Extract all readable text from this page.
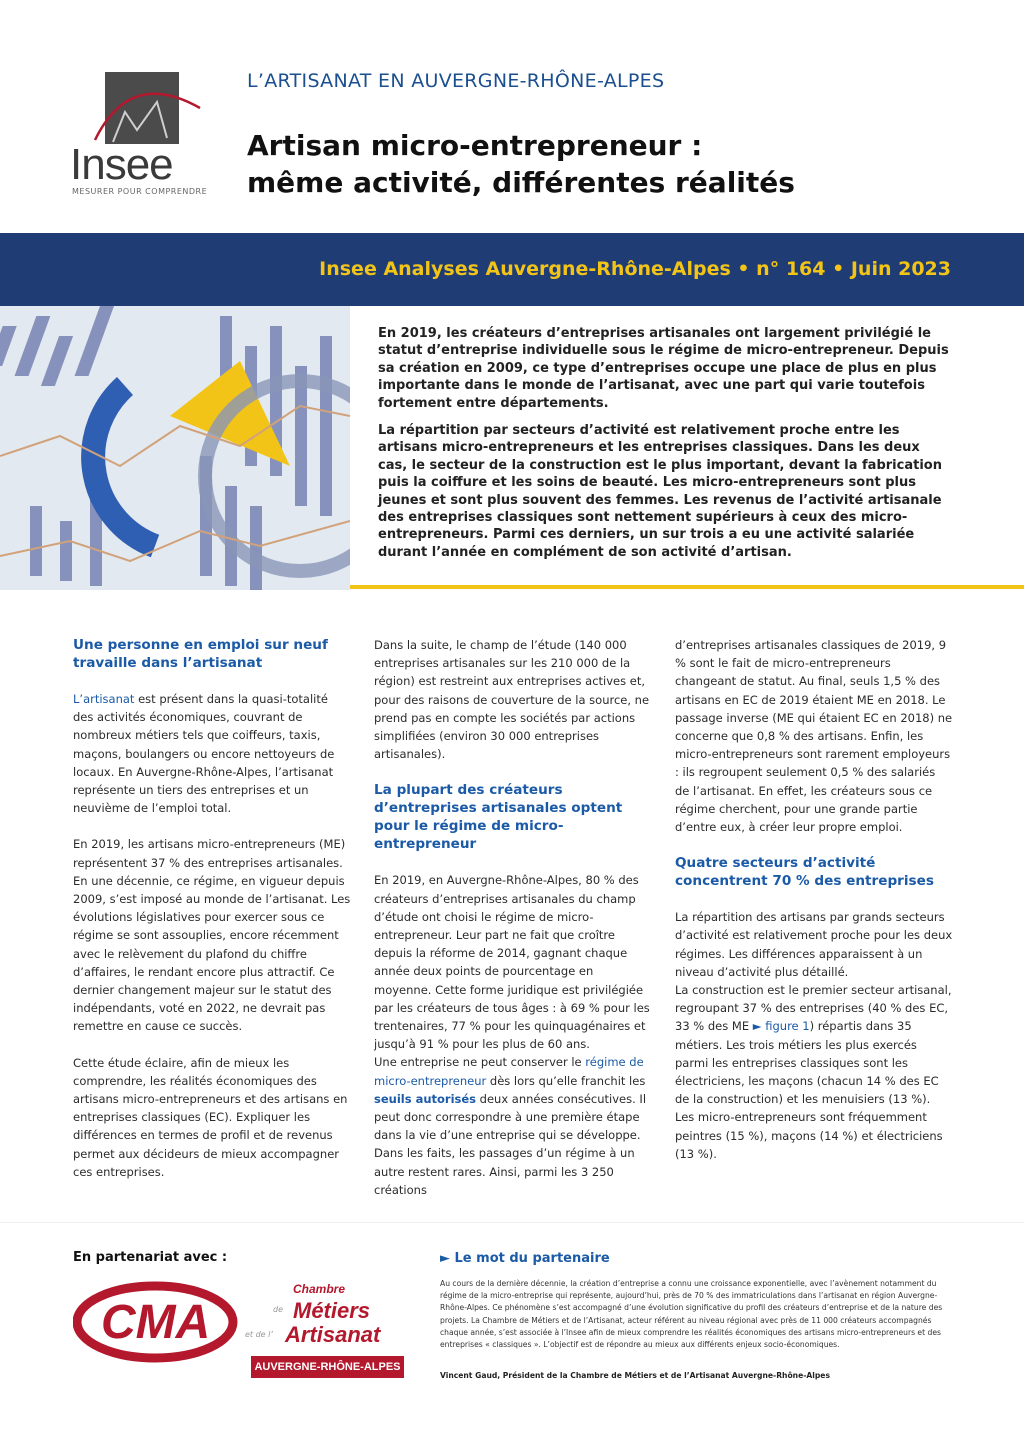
Insee
MESURER POUR COMPRENDRE
L’ARTISANAT EN AUVERGNE-RHÔNE-ALPES
Artisan micro-entrepreneur :
même activité, différentes réalités
Insee Analyses Auvergne-Rhône-Alpes • n° 164 • Juin 2023

En 2019, les créateurs d’entreprises artisanales ont largement privilégié le statut d’entreprise individuelle sous le régime de micro-entrepreneur. Depuis sa création en 2009, ce type d’entreprises occupe une place de plus en plus importante dans le monde de l’artisanat, avec une part qui varie toutefois fortement entre départements.

La répartition par secteurs d’activité est relativement proche entre les artisans micro-entrepreneurs et les entreprises classiques. Dans les deux cas, le secteur de la construction est le plus important, devant la fabrication puis la coiffure et les soins de beauté. Les micro-entrepreneurs sont plus jeunes et sont plus souvent des femmes. Les revenus de l’activité artisanale des entreprises classiques sont nettement supérieurs à ceux des micro-entrepreneurs. Parmi ces derniers, un sur trois a eu une activité salariée durant l’année en complément de son activité d’artisan.

Une personne en emploi sur neuf travaille dans l’artisanat

L’artisanat est présent dans la quasi-totalité des activités économiques, couvrant de nombreux métiers tels que coiffeurs, taxis, maçons, boulangers ou encore nettoyeurs de locaux. En Auvergne-Rhône-Alpes, l’artisanat représente un tiers des entreprises et un neuvième de l’emploi total.

En 2019, les artisans micro-entrepreneurs (ME) représentent 37 % des entreprises artisanales. En une décennie, ce régime, en vigueur depuis 2009, s’est imposé au monde de l’artisanat. Les évolutions législatives pour exercer sous ce régime se sont assouplies, encore récemment avec le relèvement du plafond du chiffre d’affaires, le rendant encore plus attractif. Ce dernier changement majeur sur le statut des indépendants, voté en 2022, ne devrait pas remettre en cause ce succès.

Cette étude éclaire, afin de mieux les comprendre, les réalités économiques des artisans micro-entrepreneurs et des artisans en entreprises classiques (EC). Expliquer les différences en termes de profil et de revenus permet aux décideurs de mieux accompagner ces entreprises.

Dans la suite, le champ de l’étude (140 000 entreprises artisanales sur les 210 000 de la région) est restreint aux entreprises actives et, pour des raisons de couverture de la source, ne prend pas en compte les sociétés par actions simplifiées (environ 30 000 entreprises artisanales).

La plupart des créateurs d’entreprises artisanales optent pour le régime de micro-entrepreneur

En 2019, en Auvergne-Rhône-Alpes, 80 % des créateurs d’entreprises artisanales du champ d’étude ont choisi le régime de micro-entrepreneur. Leur part ne fait que croître depuis la réforme de 2014, gagnant chaque année deux points de pourcentage en moyenne. Cette forme juridique est privilégiée par les créateurs de tous âges : à 69 % pour les trentenaires, 77 % pour les quinquagénaires et jusqu’à 91 % pour les plus de 60 ans.

Une entreprise ne peut conserver le régime de micro-entrepreneur dès lors qu’elle franchit les seuils autorisés deux années consécutives. Il peut donc correspondre à une première étape dans la vie d’une entreprise qui se développe. Dans les faits, les passages d’un régime à un autre restent rares. Ainsi, parmi les 3 250 créations

d’entreprises artisanales classiques de 2019, 9 % sont le fait de micro-entrepreneurs changeant de statut. Au final, seuls 1,5 % des artisans en EC de 2019 étaient ME en 2018. Le passage inverse (ME qui étaient EC en 2018) ne concerne que 0,8 % des artisans. Enfin, les micro-entrepreneurs sont rarement employeurs : ils regroupent seulement 0,5 % des salariés de l’artisanat. En effet, les créateurs sous ce régime cherchent, pour une grande partie d’entre eux, à créer leur propre emploi.

Quatre secteurs d’activité concentrent 70 % des entreprises

La répartition des artisans par grands secteurs d’activité est relativement proche pour les deux régimes. Les différences apparaissent à un niveau d’activité plus détaillé.

La construction est le premier secteur artisanal, regroupant 37 % des entreprises (40 % des EC, 33 % des ME ► figure 1) répartis dans 35 métiers. Les trois métiers les plus exercés parmi les entreprises classiques sont les électriciens, les maçons (chacun 14 % des EC de la construction) et les menuisiers (13 %). Les micro-entrepreneurs sont fréquemment peintres (15 %), maçons (14 %) et électriciens (13 %).

En partenariat avec :
CMA
Chambre
de Métiers
et de l’ Artisanat
AUVERGNE-RHÔNE-ALPES
► Le mot du partenaire

Au cours de la dernière décennie, la création d’entreprise a connu une croissance exponentielle, avec l’avènement notamment du régime de la micro-entreprise qui représente, aujourd’hui, près de 70 % des immatriculations dans l’artisanat en région Auvergne-Rhône-Alpes. Ce phénomène s’est accompagné d’une évolution significative du profil des créateurs d’entreprise et de la nature des projets. La Chambre de Métiers et de l’Artisanat, acteur référent au niveau régional avec près de 11 000 créateurs accompagnés chaque année, s’est associée à l’Insee afin de mieux comprendre les réalités économiques des artisans micro-entrepreneurs et des entreprises « classiques ». L’objectif est de répondre au mieux aux différents enjeux socio-économiques.

Vincent Gaud, Président de la Chambre de Métiers et de l’Artisanat Auvergne-Rhône-Alpes
